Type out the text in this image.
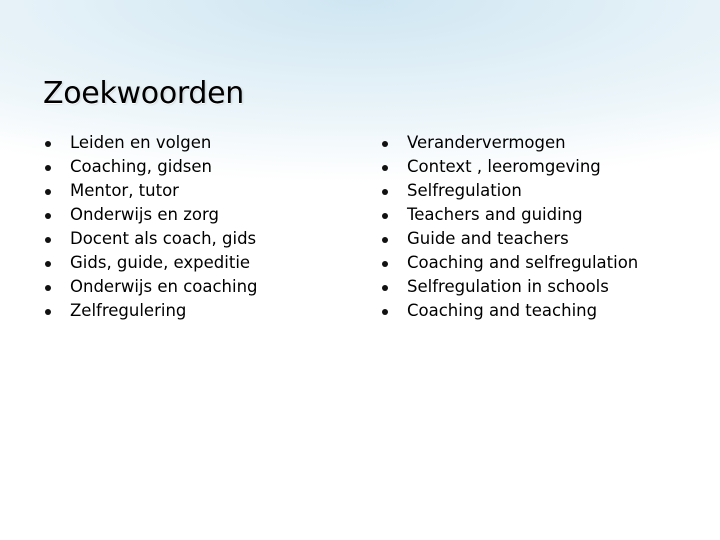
Zoekwoorden
Leiden en volgen
Coaching, gidsen
Mentor, tutor
Onderwijs en zorg
Docent als coach, gids
Gids, guide, expeditie
Onderwijs en coaching
Zelfregulering
Verandervermogen
Context , leeromgeving
Selfregulation
Teachers and guiding
Guide and teachers
Coaching and selfregulation
Selfregulation in schools
Coaching and teaching
